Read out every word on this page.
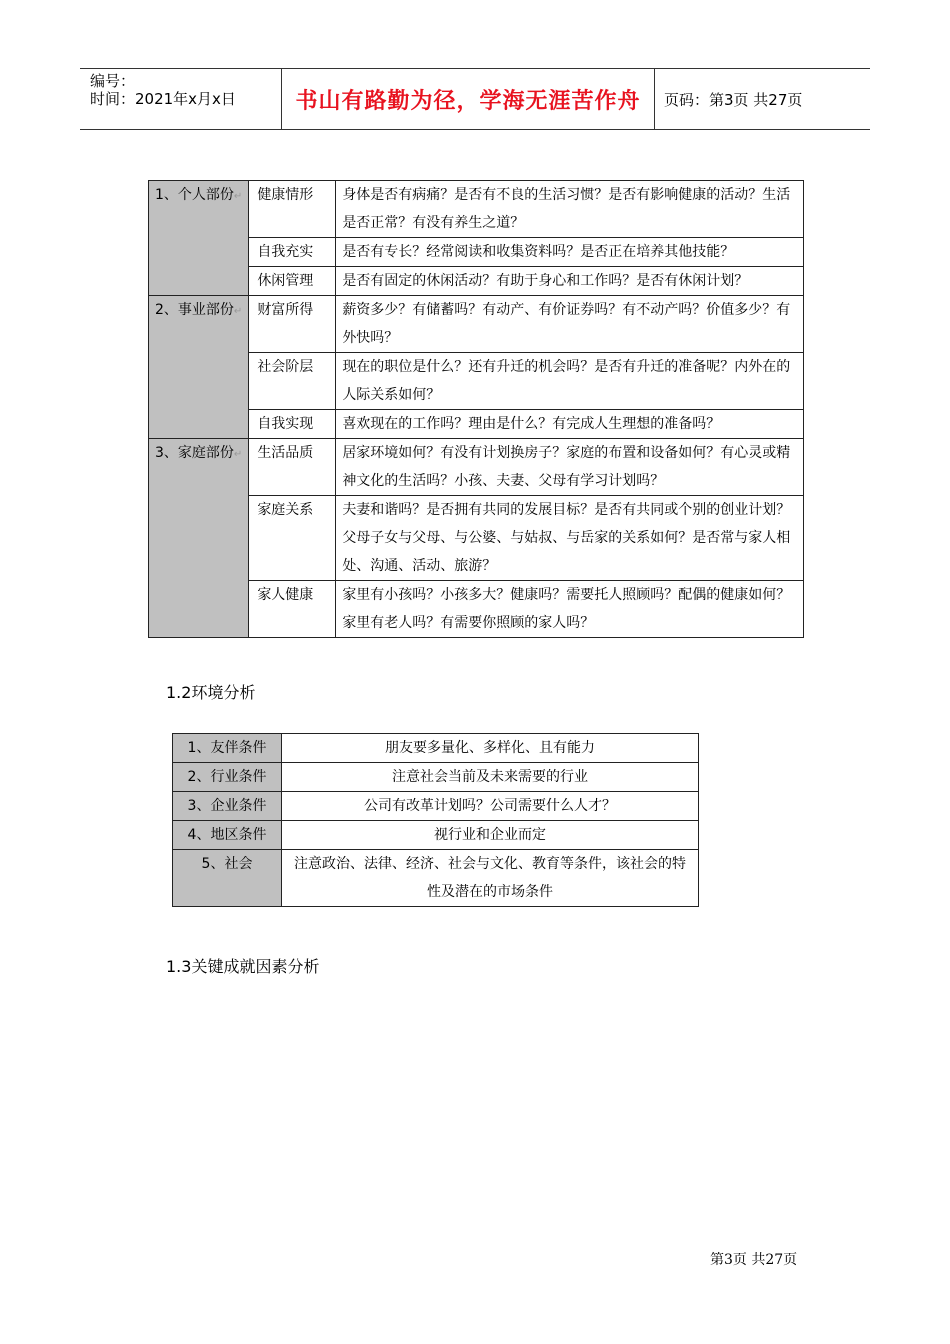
编号：
时间：2021年x月x日	书山有路勤为径，学海无涯苦作舟 页码：第3页 共27页
1、个人部份↵	健康情形	身体是否有病痛？是否有不良的生活习惯？是否有影响健康的活动？生活是否正常？有没有养生之道？
	自我充实	是否有专长？经常阅读和收集资料吗？是否正在培养其他技能？
	休闲管理	是否有固定的休闲活动？有助于身心和工作吗？是否有休闲计划？
2、事业部份↵	财富所得	薪资多少？有储蓄吗？有动产、有价证券吗？有不动产吗？价值多少？有外快吗？
	社会阶层	现在的职位是什么？还有升迁的机会吗？是否有升迁的准备呢？内外在的人际关系如何？
	自我实现	喜欢现在的工作吗？理由是什么？有完成人生理想的准备吗？
3、家庭部份↵	生活品质	居家环境如何？有没有计划换房子？家庭的布置和设备如何？有心灵或精神文化的生活吗？小孩、夫妻、父母有学习计划吗？
	家庭关系	夫妻和谐吗？是否拥有共同的发展目标？是否有共同或个别的创业计划？父母子女与父母、与公婆、与姑叔、与岳家的关系如何？是否常与家人相处、沟通、活动、旅游？
	家人健康	家里有小孩吗？小孩多大？健康吗？需要托人照顾吗？配偶的健康如何？家里有老人吗？有需要你照顾的家人吗？
1.2环境分析
1、友伴条件	朋友要多量化、多样化、且有能力
2、行业条件	注意社会当前及未来需要的行业
3、企业条件	公司有改革计划吗？公司需要什么人才？
4、地区条件	视行业和企业而定
5、社会	注意政治、法律、经济、社会与文化、教育等条件，该社会的特性及潜在的市场条件
1.3关键成就因素分析
第3页 共27页
